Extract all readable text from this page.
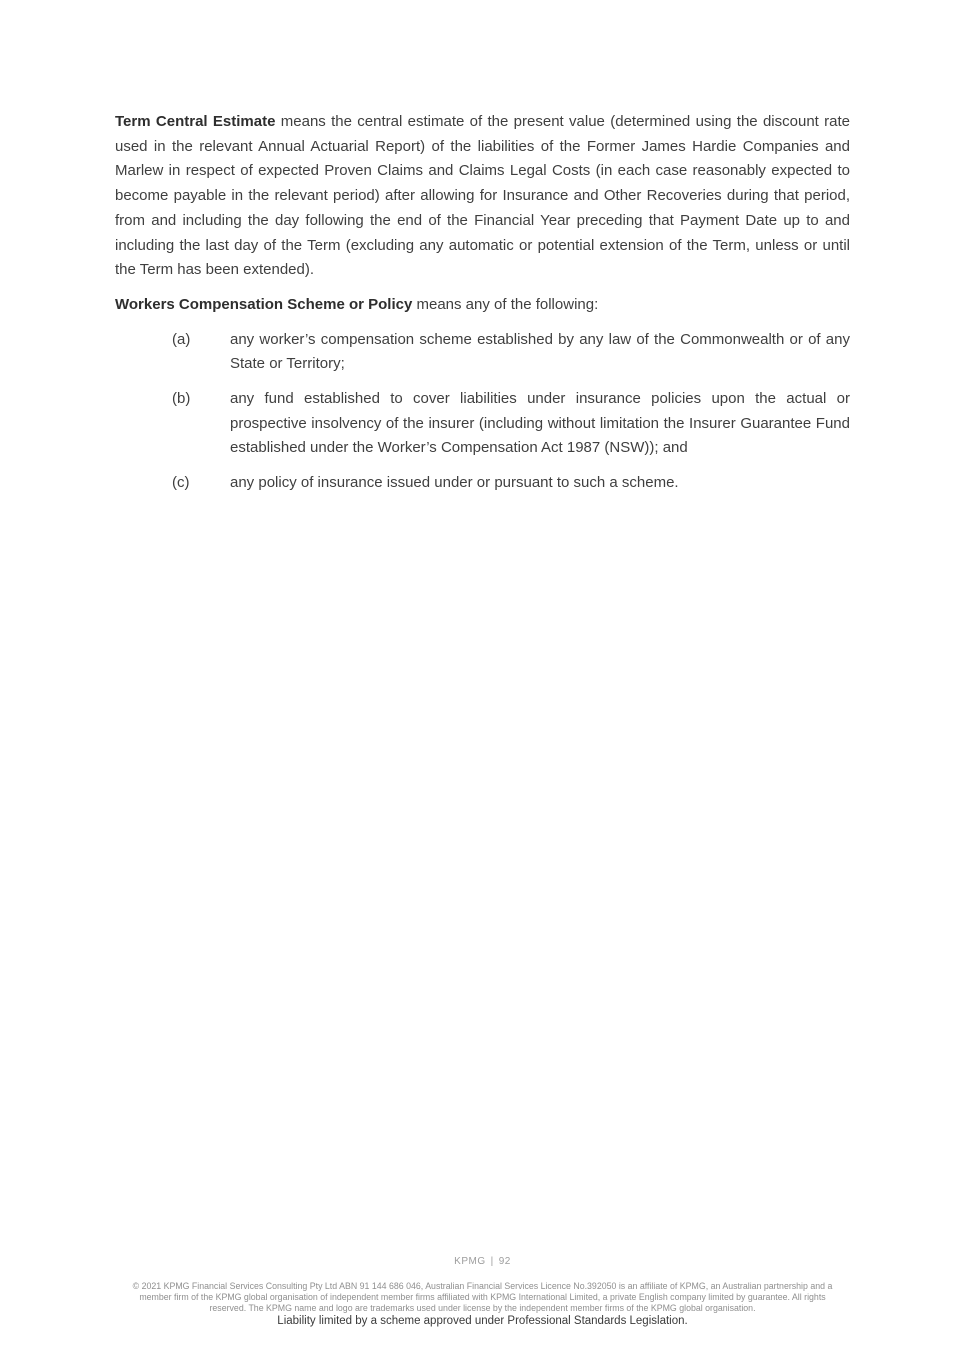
Term Central Estimate means the central estimate of the present value (determined using the discount rate used in the relevant Annual Actuarial Report) of the liabilities of the Former James Hardie Companies and Marlew in respect of expected Proven Claims and Claims Legal Costs (in each case reasonably expected to become payable in the relevant period) after allowing for Insurance and Other Recoveries during that period, from and including the day following the end of the Financial Year preceding that Payment Date up to and including the last day of the Term (excluding any automatic or potential extension of the Term, unless or until the Term has been extended).

Workers Compensation Scheme or Policy means any of the following:

(a)	any worker’s compensation scheme established by any law of the Commonwealth or of any State or Territory;
(b)	any fund established to cover liabilities under insurance policies upon the actual or prospective insolvency of the insurer (including without limitation the Insurer Guarantee Fund established under the Worker’s Compensation Act 1987 (NSW)); and
(c)	any policy of insurance issued under or pursuant to such a scheme.
KPMG | 92
© 2021 KPMG Financial Services Consulting Pty Ltd ABN 91 144 686 046, Australian Financial Services Licence No.392050 is an affiliate of KPMG, an Australian partnership and a
member firm of the KPMG global organisation of independent member firms affiliated with KPMG International Limited, a private English company limited by guarantee. All rights
reserved. The KPMG name and logo are trademarks used under license by the independent member firms of the KPMG global organisation.
Liability limited by a scheme approved under Professional Standards Legislation.
